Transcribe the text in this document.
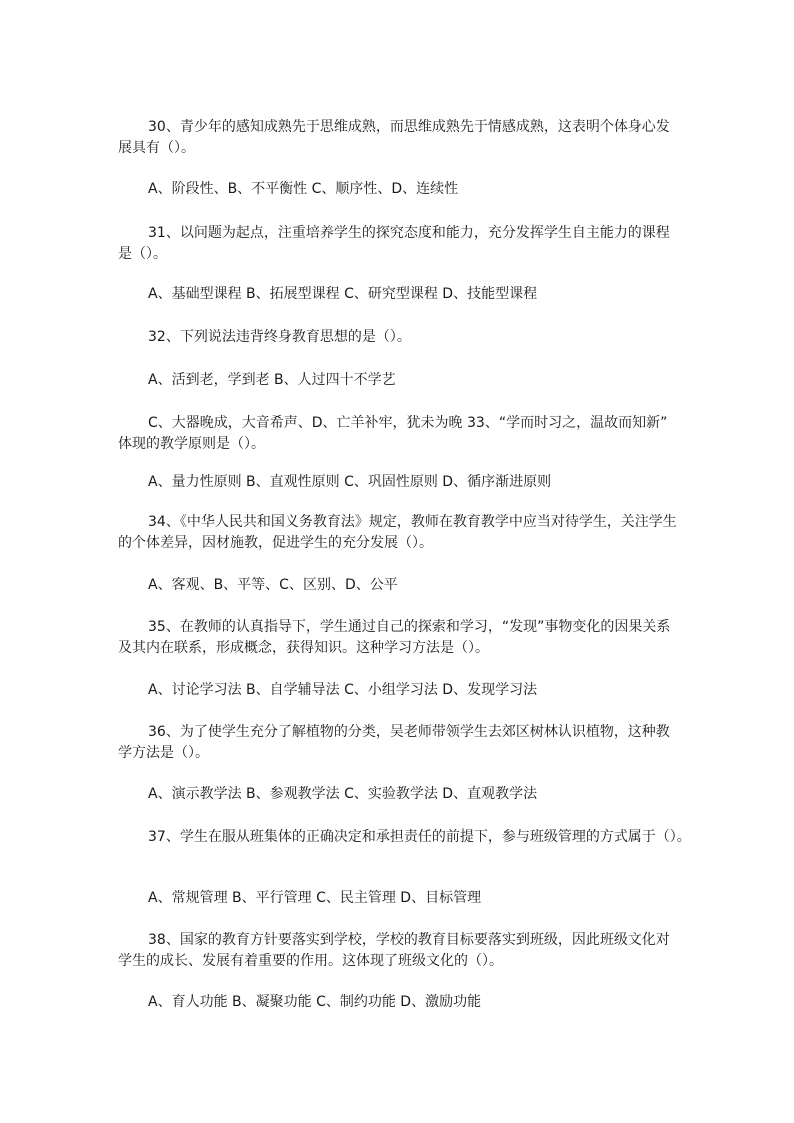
30、青少年的感知成熟先于思维成熟，而思维成熟先于情感成熟，这表明个体身心发
展具有（）。
A、阶段性、B、不平衡性 C、顺序性、D、连续性
31、以问题为起点，注重培养学生的探究态度和能力，充分发挥学生自主能力的课程
是（）。
A、基础型课程 B、拓展型课程 C、研究型课程 D、技能型课程
32、下列说法违背终身教育思想的是（）。
A、活到老，学到老 B、人过四十不学艺
C、大器晚成，大音希声、D、亡羊补牢，犹未为晚 33、“学而时习之，温故而知新”
体现的教学原则是（）。
A、量力性原则 B、直观性原则 C、巩固性原则 D、循序渐进原则
34、《中华人民共和国义务教育法》规定，教师在教育教学中应当对待学生，关注学生
的个体差异，因材施教，促进学生的充分发展（）。
A、客观、B、平等、C、区别、D、公平
35、在教师的认真指导下，学生通过自己的探索和学习，“发现”事物变化的因果关系
及其内在联系，形成概念，获得知识。这种学习方法是（）。
A、讨论学习法 B、自学辅导法 C、小组学习法 D、发现学习法
36、为了使学生充分了解植物的分类，吴老师带领学生去郊区树林认识植物，这种教
学方法是（）。
A、演示教学法 B、参观教学法 C、实验教学法 D、直观教学法
37、学生在服从班集体的正确决定和承担责任的前提下，参与班级管理的方式属于（）。
A、常规管理 B、平行管理 C、民主管理 D、目标管理
38、国家的教育方针要落实到学校，学校的教育目标要落实到班级，因此班级文化对
学生的成长、发展有着重要的作用。这体现了班级文化的（）。
A、育人功能 B、凝聚功能 C、制约功能 D、激励功能
